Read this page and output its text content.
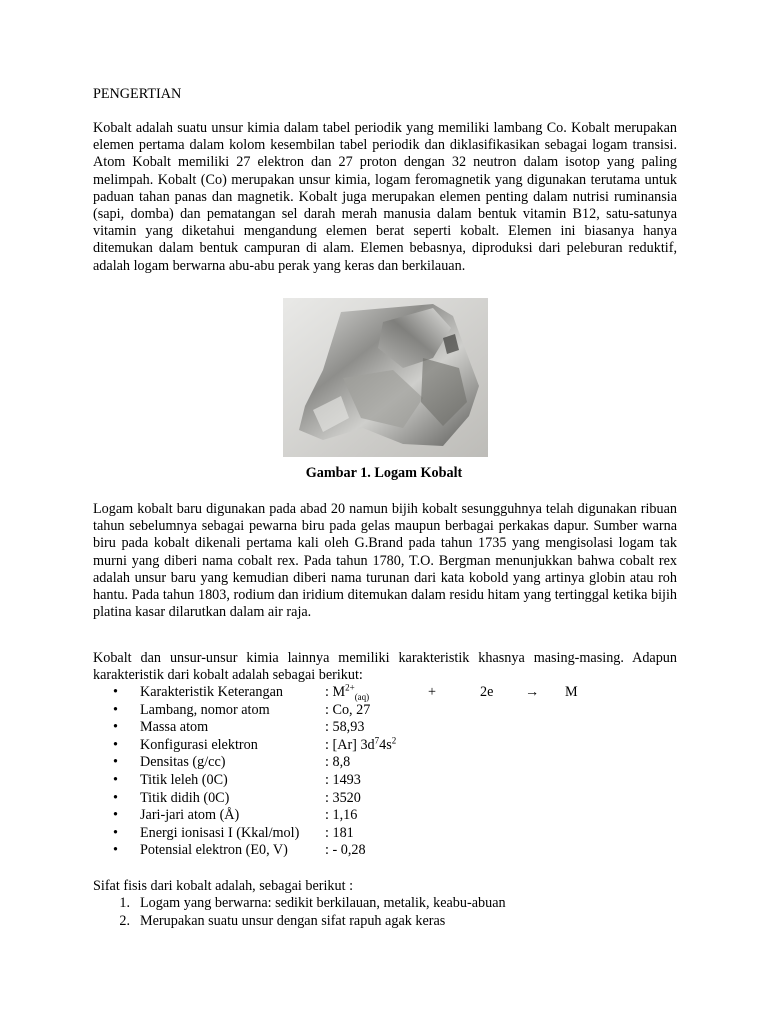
PENGERTIAN
Kobalt adalah suatu unsur kimia dalam tabel periodik yang memiliki lambang Co. Kobalt merupakan elemen pertama dalam kolom kesembilan tabel periodik dan diklasifikasikan sebagai logam transisi. Atom Kobalt memiliki 27 elektron dan 27 proton dengan 32 neutron dalam isotop yang paling melimpah. Kobalt (Co) merupakan unsur kimia, logam feromagnetik yang digunakan terutama untuk paduan tahan panas dan magnetik. Kobalt juga merupakan elemen penting dalam nutrisi ruminansia (sapi, domba) dan pematangan sel darah merah manusia dalam bentuk vitamin B12, satu-satunya vitamin yang diketahui mengandung elemen berat seperti kobalt. Elemen ini biasanya hanya ditemukan dalam bentuk campuran di alam. Elemen bebasnya, diproduksi dari peleburan reduktif, adalah logam berwarna abu-abu perak yang keras dan berkilauan.
Gambar 1. Logam Kobalt
Logam kobalt baru digunakan pada abad 20 namun bijih kobalt sesungguhnya telah digunakan ribuan tahun sebelumnya sebagai pewarna biru pada gelas maupun berbagai perkakas dapur. Sumber warna biru pada kobalt dikenali pertama kali oleh G.Brand pada tahun 1735 yang mengisolasi logam tak murni yang diberi nama cobalt rex. Pada tahun 1780, T.O. Bergman menunjukkan bahwa cobalt rex adalah unsur baru yang kemudian diberi nama turunan dari kata kobold yang artinya globin atau roh hantu. Pada tahun 1803, rodium dan iridium ditemukan dalam residu hitam yang tertinggal ketika bijih platina kasar dilarutkan dalam air raja.
Kobalt dan unsur-unsur kimia lainnya memiliki karakteristik khasnya masing-masing. Adapun karakteristik dari kobalt adalah sebagai berikut:
•	Karakteristik Keterangan	: $M^{2+}_{(aq)}$	+	2e	→	M
•	Lambang, nomor atom	: Co, 27
•	Massa atom	: 58,93
•	Konfigurasi elektron	: [Ar] $3d^74s^2$
•	Densitas (g/cc)	: 8,8
•	Titik leleh (0C)	: 1493
•	Titik didih (0C)	: 3520
•	Jari-jari atom (Å)	: 1,16
•	Energi ionisasi I (Kkal/mol)	: 181
•	Potensial elektron (E0, V)	: - 0,28
Sifat fisis dari kobalt adalah, sebagai berikut :
1. Logam yang berwarna: sedikit berkilauan, metalik, keabu-abuan
2. Merupakan suatu unsur dengan sifat rapuh agak keras
